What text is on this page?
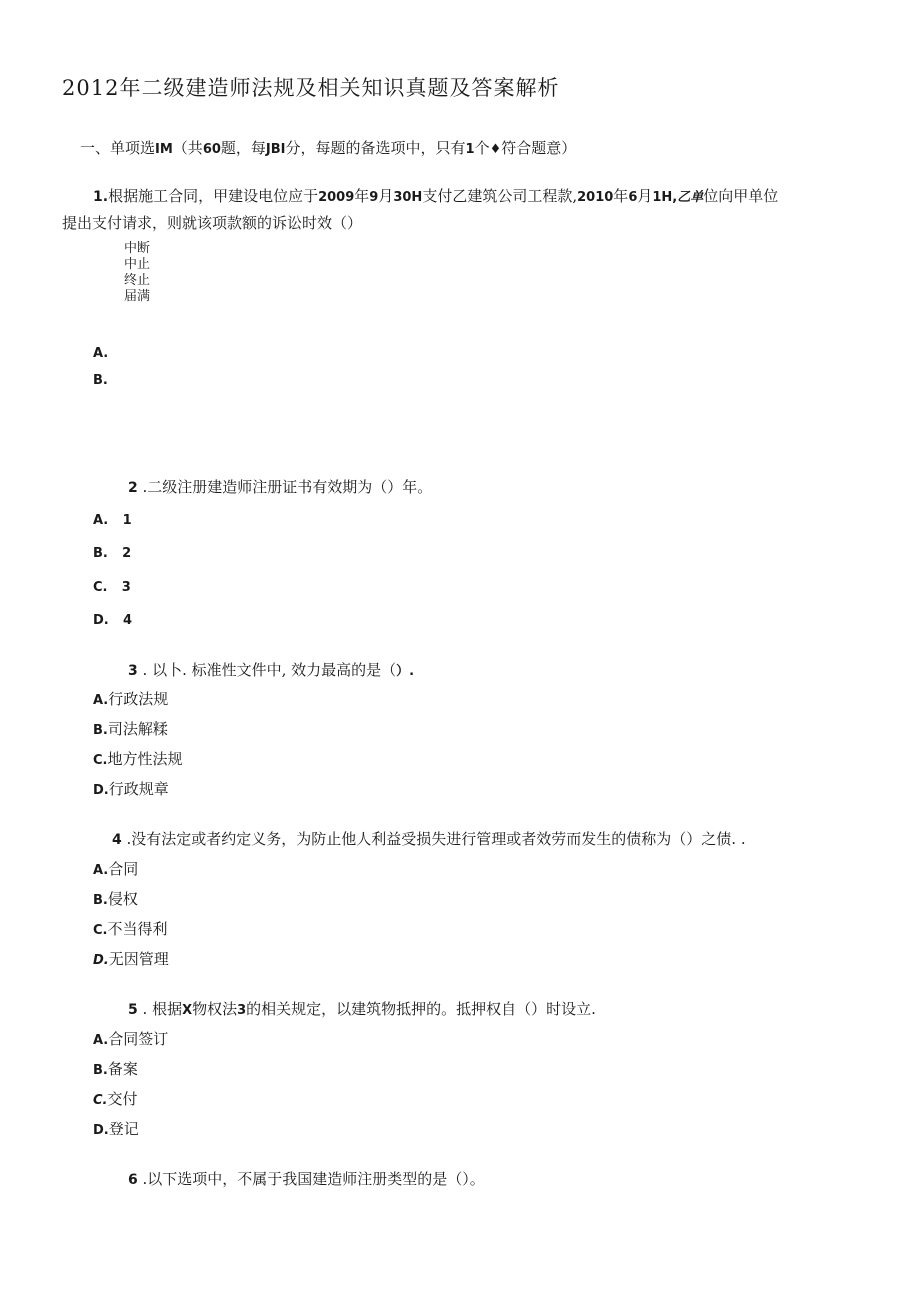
2012年二级建造师法规及相关知识真题及答案解析
一、单项选IM（共60题，每JBI分，每题的备选项中，只有1个♦符合题意）
1.根据施工合同，甲建设电位应于2009年9月30H支付乙建筑公司工程款,2010年6月1H,乙单位向甲单位
提出支付请求，则就该项款额的诉讼时效（）
中断
中止
终止
届满
A.
B.
2 .二级注册建造师注册证书有效期为（）年。
A. 1
B. 2
C. 3
D. 4
3 . 以卜. 标准性文件中, 效力最高的是（）.
A.行政法规
B.司法解糅
C.地方性法规
D.行政规章
4 .没有法定或者约定义务，为防止他人利益受损失进行管理或者效劳而发生的债称为（）之债. .
A.合同
B.侵权
C.不当得利
D.无因管理
5 . 根据X物权法3的相关规定，以建筑物抵押的。抵押权自（）时设立.
A.合同签订
B.备案
C.交付
D.登记
6 .以下选项中，不属于我国建造师注册类型的是（）。
